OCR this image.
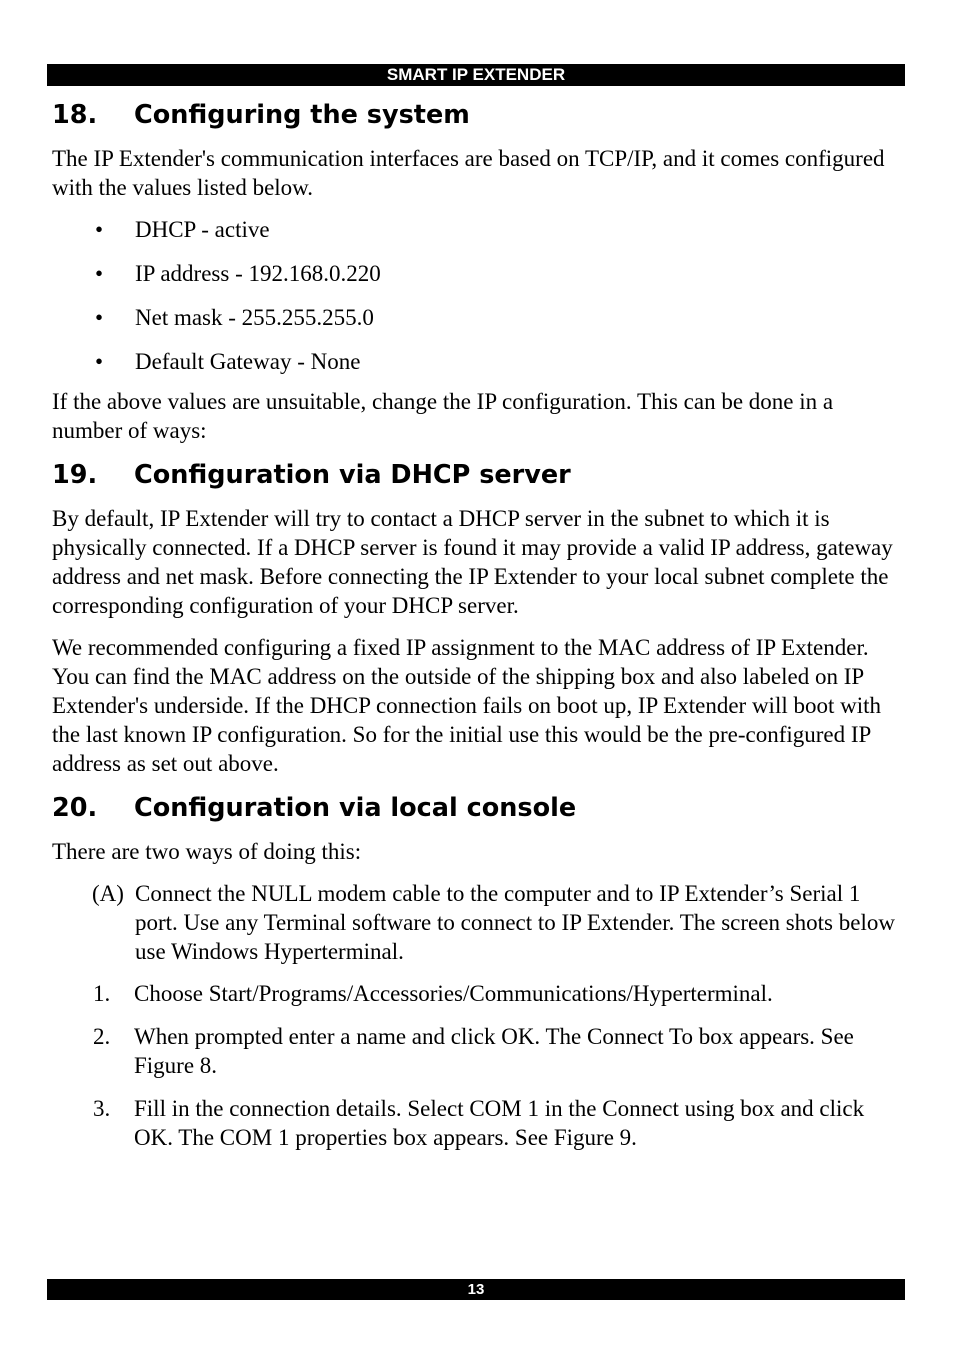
SMART IP EXTENDER
18. Configuring the system

The IP Extender's communication interfaces are based on TCP/IP, and it comes configured with the values listed below.

• DHCP - active
• IP address - 192.168.0.220
• Net mask - 255.255.255.0
• Default Gateway - None

If the above values are unsuitable, change the IP configuration. This can be done in a number of ways:

19. Configuration via DHCP server

By default, IP Extender will try to contact a DHCP server in the subnet to which it is physically connected. If a DHCP server is found it may provide a valid IP address, gateway address and net mask. Before connecting the IP Extender to your local subnet complete the corresponding configuration of your DHCP server.

We recommended configuring a fixed IP assignment to the MAC address of IP Extender. You can find the MAC address on the outside of the shipping box and also labeled on IP Extender's underside. If the DHCP connection fails on boot up, IP Extender will boot with the last known IP configuration. So for the initial use this would be the pre-configured IP address as set out above.

20. Configuration via local console

There are two ways of doing this:

(A) Connect the NULL modem cable to the computer and to IP Extender’s Serial 1 port. Use any Terminal software to connect to IP Extender. The screen shots below use Windows Hyperterminal.
1. Choose Start/Programs/Accessories/Communications/Hyperterminal.
2. When prompted enter a name and click OK. The Connect To box appears. See Figure 8.
3. Fill in the connection details. Select COM 1 in the Connect using box and click OK. The COM 1 properties box appears. See Figure 9.
13
